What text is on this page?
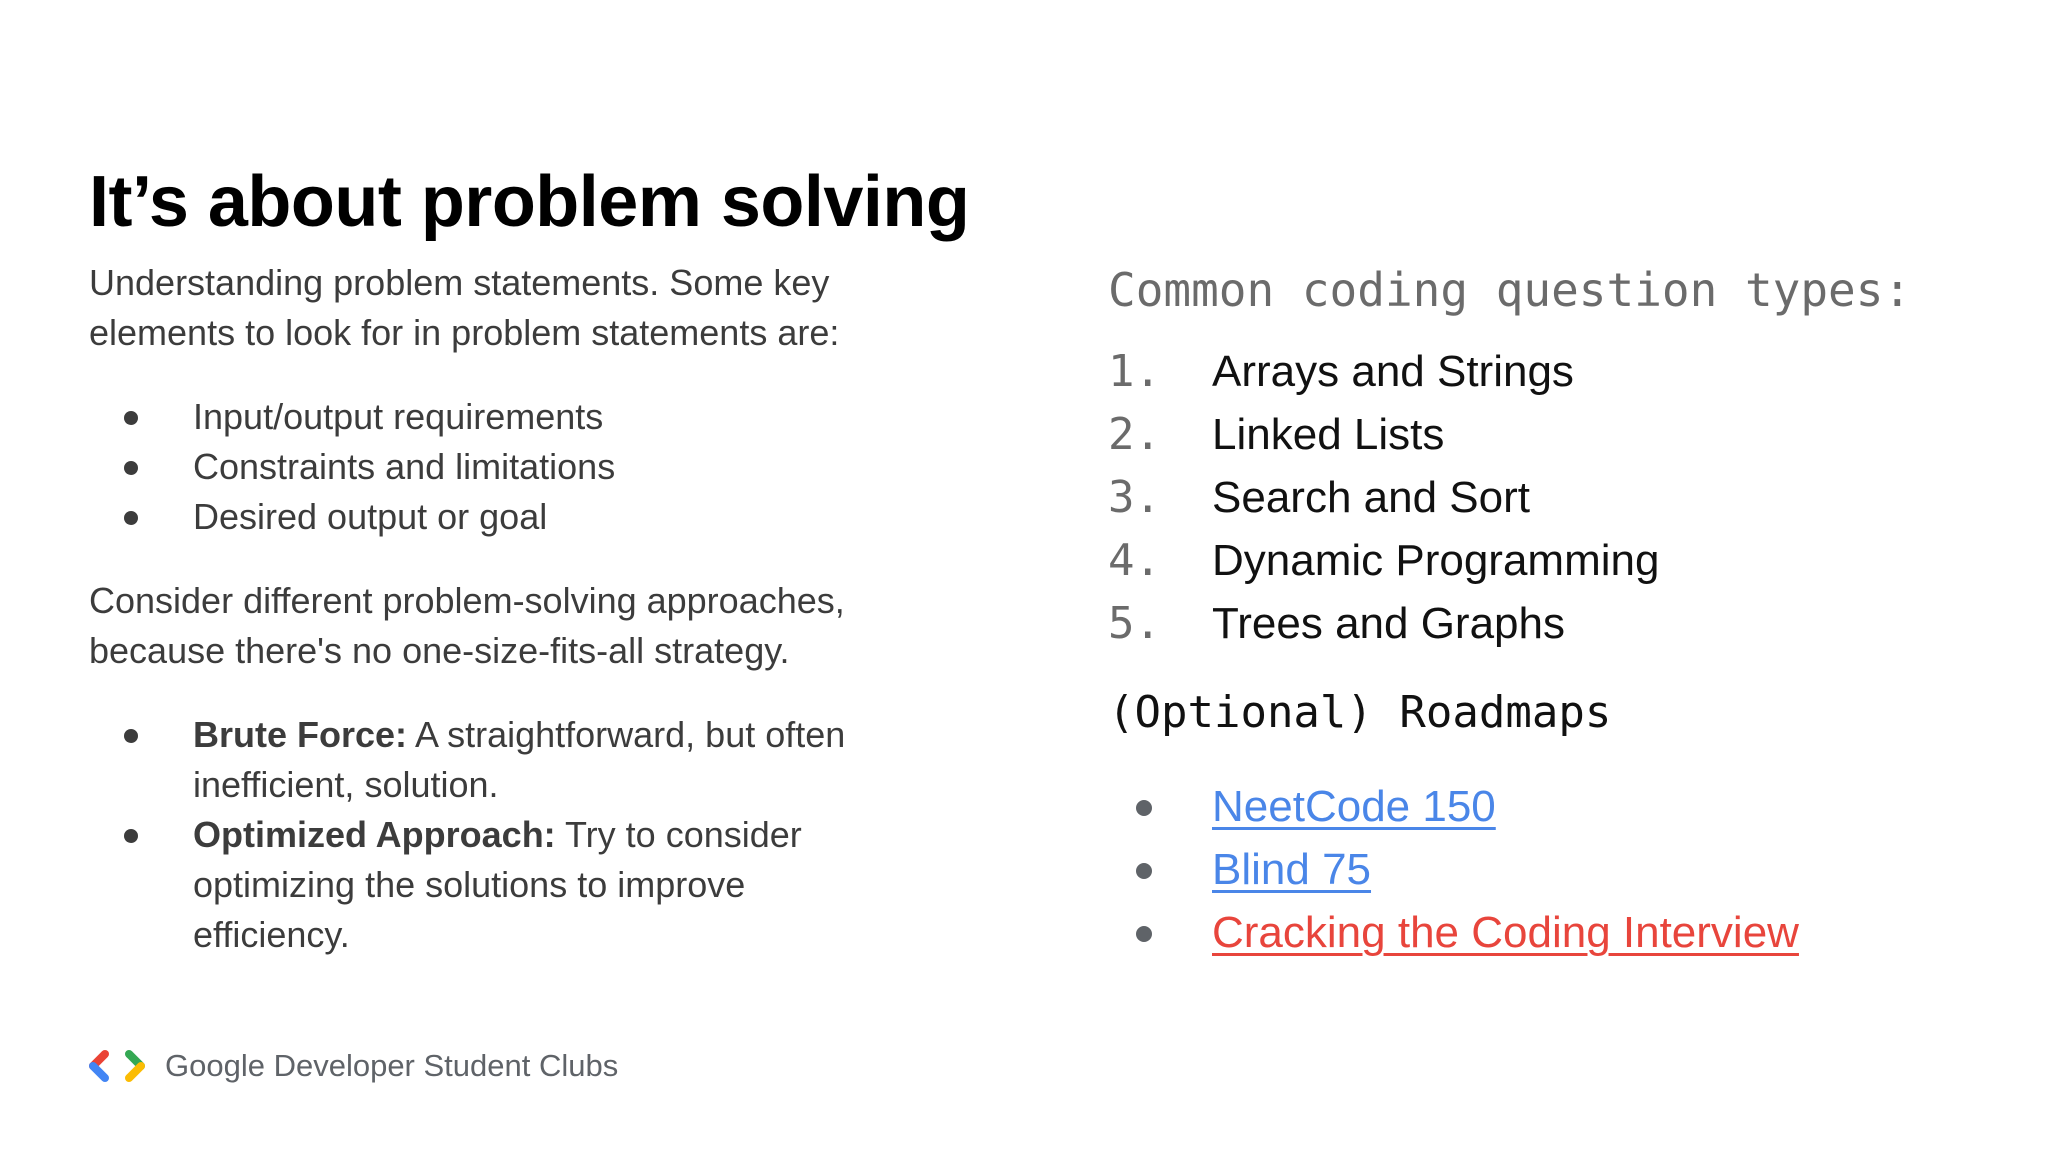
It’s about problem solving

Understanding problem statements. Some key elements to look for in problem statements are:

Input/output requirements
Constraints and limitations
Desired output or goal

Consider different problem-solving approaches, because there's no one-size-fits-all strategy.

Brute Force: A straightforward, but often inefficient, solution.
Optimized Approach: Try to consider optimizing the solutions to improve efficiency.

Common coding question types:

1.	Arrays and Strings
2.	Linked Lists
3.	Search and Sort
4.	Dynamic Programming
5.	Trees and Graphs

(Optional) Roadmaps

NeetCode 150
Blind 75
Cracking the Coding Interview
Google Developer Student Clubs
